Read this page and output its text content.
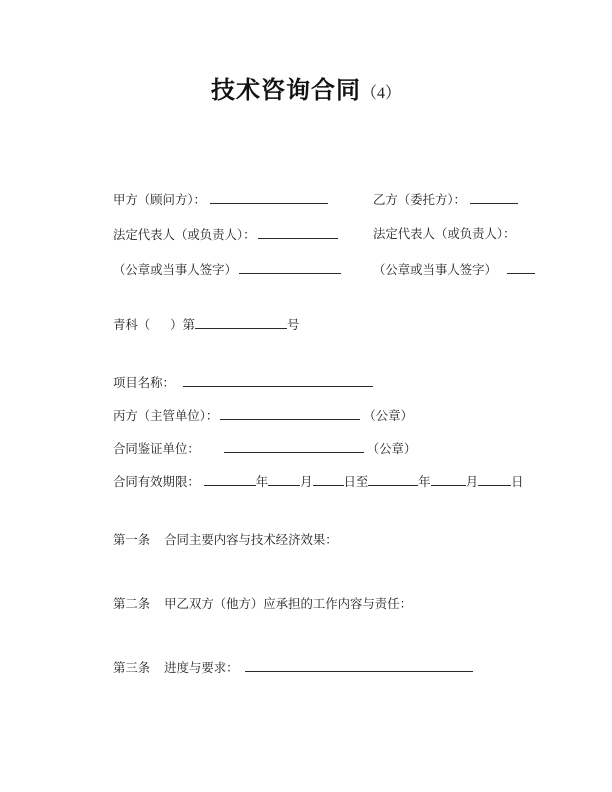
技术咨询合同（4）
甲方（顾问方）：	乙方（委托方）：
法定代表人（或负责人）：	法定代表人（或负责人）：
（公章或当事人签字）	（公章或当事人签字）
青科（ ）第	号
项目名称：
丙方（主管单位）：	（公章）
合同鉴证单位：	（公章）
合同有效期限：	年	月	日至	年	月	日
第一条 合同主要内容与技术经济效果：
第二条 甲乙双方（他方）应承担的工作内容与责任：
第三条 进度与要求：
